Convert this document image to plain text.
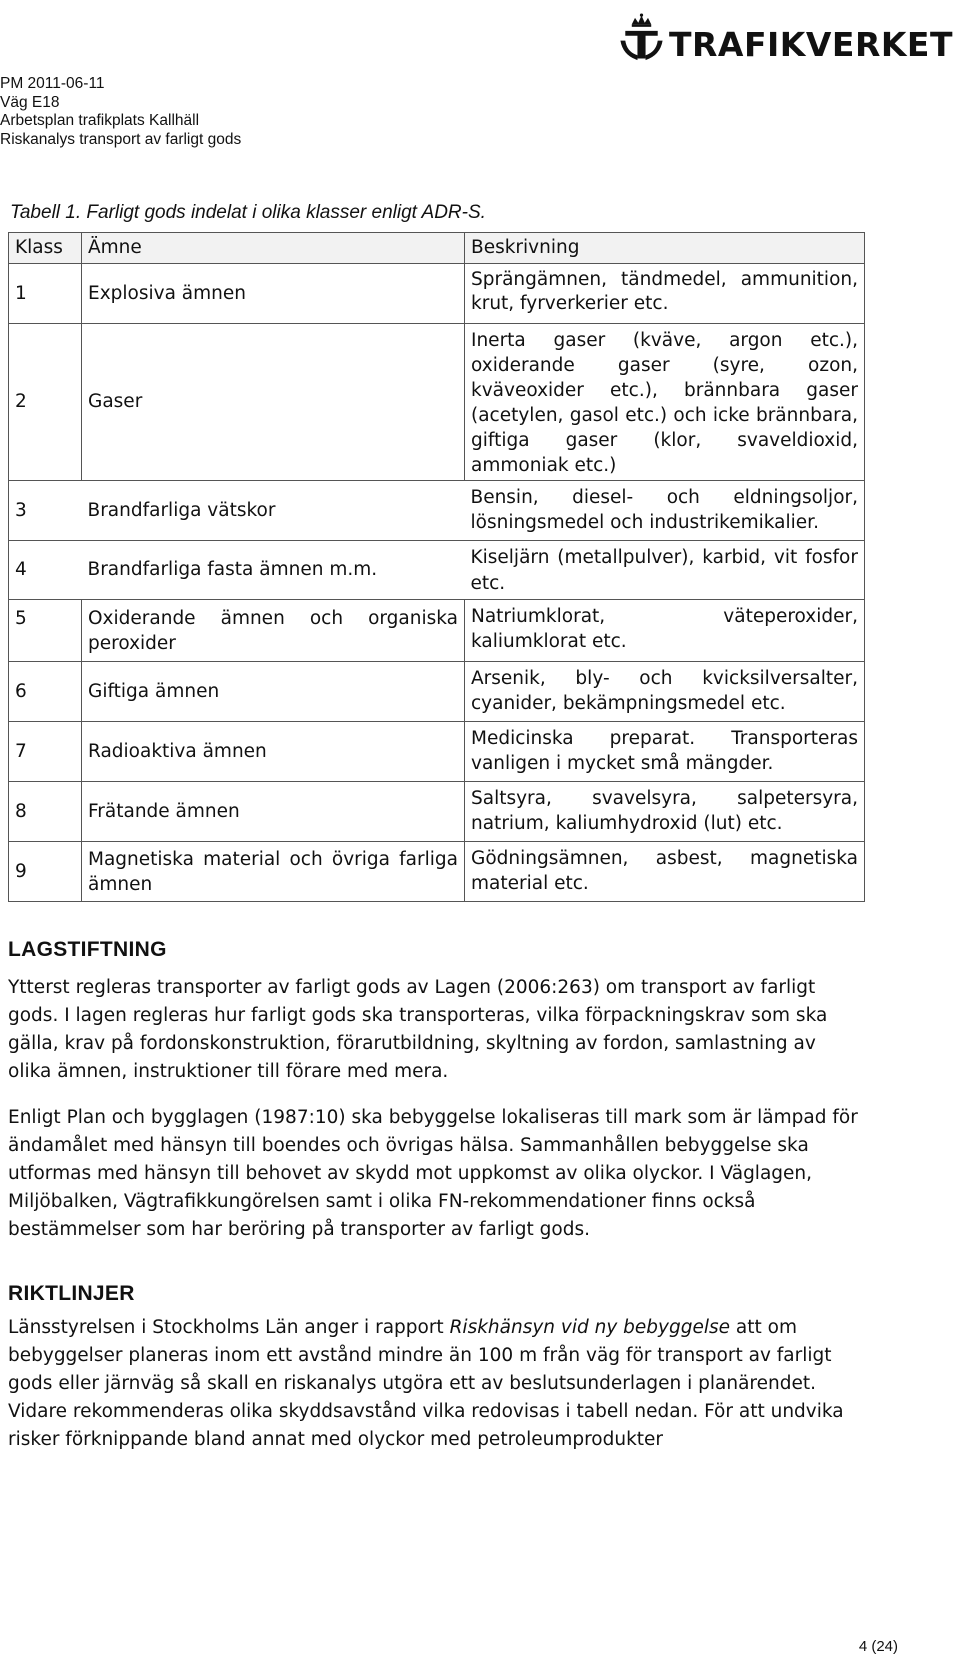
TRAFIKVERKET
PM 2011-06-11
Väg E18
Arbetsplan trafikplats Kallhäll
Riskanalys transport av farligt gods
Tabell 1. Farligt gods indelat i olika klasser enligt ADR-S.
Klass	Ämne	Beskrivning
1	Explosiva ämnen	Sprängämnen, tändmedel, ammunition, krut, fyrverkerier etc.
2	Gaser	Inerta gaser (kväve, argon etc.), oxiderande gaser (syre, ozon, kväveoxider etc.), brännbara gaser (acetylen, gasol etc.) och icke brännbara, giftiga gaser (klor, svaveldioxid, ammoniak etc.)
3	Brandfarliga vätskor	Bensin, diesel- och eldningsoljor, lösningsmedel och industrikemikalier.
4	Brandfarliga fasta ämnen m.m.	Kiseljärn (metallpulver), karbid, vit fosfor etc.
5	Oxiderande ämnen och organiska peroxider	Natriumklorat, väteperoxider, kaliumklorat etc.
6	Giftiga ämnen	Arsenik, bly- och kvicksilversalter, cyanider, bekämpningsmedel etc.
7	Radioaktiva ämnen	Medicinska preparat. Transporteras vanligen i mycket små mängder.
8	Frätande ämnen	Saltsyra, svavelsyra, salpetersyra, natrium, kaliumhydroxid (lut) etc.
9	Magnetiska material och övriga farliga ämnen	Gödningsämnen, asbest, magnetiska material etc.
LAGSTIFTNING

Ytterst regleras transporter av farligt gods av Lagen (2006:263) om transport av farligt gods. I lagen regleras hur farligt gods ska transporteras, vilka förpackningskrav som ska gälla, krav på fordonskonstruktion, förarutbildning, skyltning av fordon, samlastning av olika ämnen, instruktioner till förare med mera.

Enligt Plan och bygglagen (1987:10) ska bebyggelse lokaliseras till mark som är lämpad för ändamålet med hänsyn till boendes och övrigas hälsa. Sammanhållen bebyggelse ska utformas med hänsyn till behovet av skydd mot uppkomst av olika olyckor. I Väglagen, Miljöbalken, Vägtrafikkungörelsen samt i olika FN-rekommendationer finns också bestämmelser som har beröring på transporter av farligt gods.

RIKTLINJER

Länsstyrelsen i Stockholms Län anger i rapport Riskhänsyn vid ny bebyggelse att om bebyggelser planeras inom ett avstånd mindre än 100 m från väg för transport av farligt gods eller järnväg så skall en riskanalys utgöra ett av beslutsunderlagen i planärendet. Vidare rekommenderas olika skyddsavstånd vilka redovisas i tabell nedan. För att undvika risker förknippande bland annat med olyckor med petroleumprodukter

4 (24)
